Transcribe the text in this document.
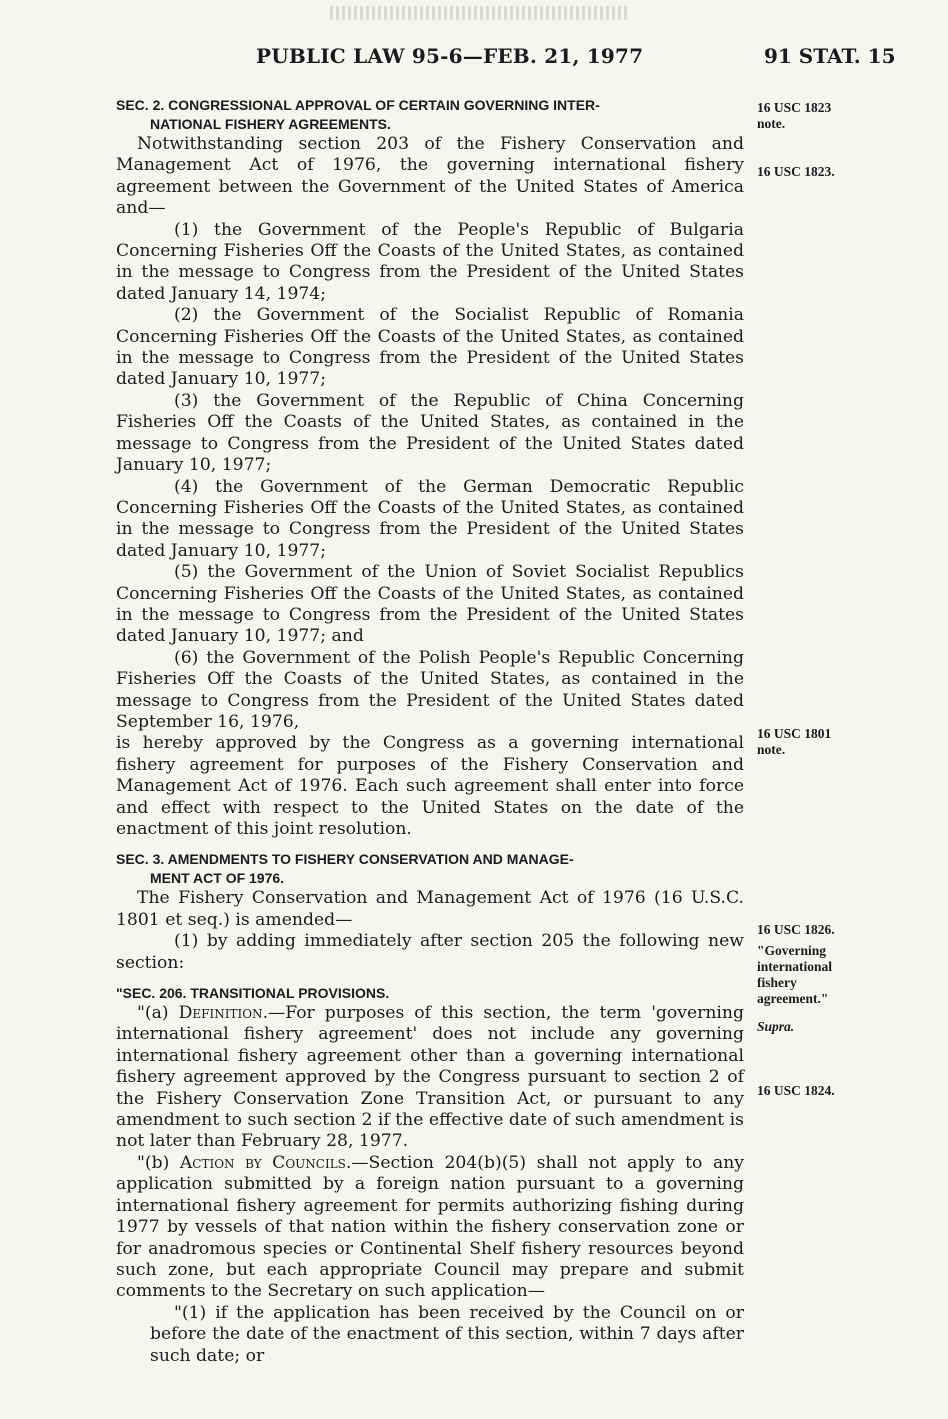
PUBLIC LAW 95-6—FEB. 21, 1977	91 STAT. 15

SEC. 2. CONGRESSIONAL APPROVAL OF CERTAIN GOVERNING INTER-
NATIONAL FISHERY AGREEMENTS.

Notwithstanding section 203 of the Fishery Conservation and Management Act of 1976, the governing international fishery agreement between the Government of the United States of America and—

(1) the Government of the People's Republic of Bulgaria Concerning Fisheries Off the Coasts of the United States, as contained in the message to Congress from the President of the United States dated January 14, 1974;

(2) the Government of the Socialist Republic of Romania Concerning Fisheries Off the Coasts of the United States, as contained in the message to Congress from the President of the United States dated January 10, 1977;

(3) the Government of the Republic of China Concerning Fisheries Off the Coasts of the United States, as contained in the message to Congress from the President of the United States dated January 10, 1977;

(4) the Government of the German Democratic Republic Concerning Fisheries Off the Coasts of the United States, as contained in the message to Congress from the President of the United States dated January 10, 1977;

(5) the Government of the Union of Soviet Socialist Republics Concerning Fisheries Off the Coasts of the United States, as contained in the message to Congress from the President of the United States dated January 10, 1977; and

(6) the Government of the Polish People's Republic Concerning Fisheries Off the Coasts of the United States, as contained in the message to Congress from the President of the United States dated September 16, 1976,

is hereby approved by the Congress as a governing international fishery agreement for purposes of the Fishery Conservation and Management Act of 1976. Each such agreement shall enter into force and effect with respect to the United States on the date of the enactment of this joint resolution.

SEC. 3. AMENDMENTS TO FISHERY CONSERVATION AND MANAGE-
MENT ACT OF 1976.

The Fishery Conservation and Management Act of 1976 (16 U.S.C. 1801 et seq.) is amended—

(1) by adding immediately after section 205 the following new section:

"SEC. 206. TRANSITIONAL PROVISIONS.

"(a) Definition.—For purposes of this section, the term 'governing international fishery agreement' does not include any governing international fishery agreement other than a governing international fishery agreement approved by the Congress pursuant to section 2 of the Fishery Conservation Zone Transition Act, or pursuant to any amendment to such section 2 if the effective date of such amendment is not later than February 28, 1977.

"(b) Action by Councils.—Section 204(b)(5) shall not apply to any application submitted by a foreign nation pursuant to a governing international fishery agreement for permits authorizing fishing during 1977 by vessels of that nation within the fishery conservation zone or for anadromous species or Continental Shelf fishery resources beyond such zone, but each appropriate Council may prepare and submit comments to the Secretary on such application—

"(1) if the application has been received by the Council on or before the date of the enactment of this section, within 7 days after such date; or

16 USC 1823
note.
16 USC 1823.
16 USC 1801
note.
16 USC 1826.
"Governing
international
fishery
agreement."
Supra.
16 USC 1824.
